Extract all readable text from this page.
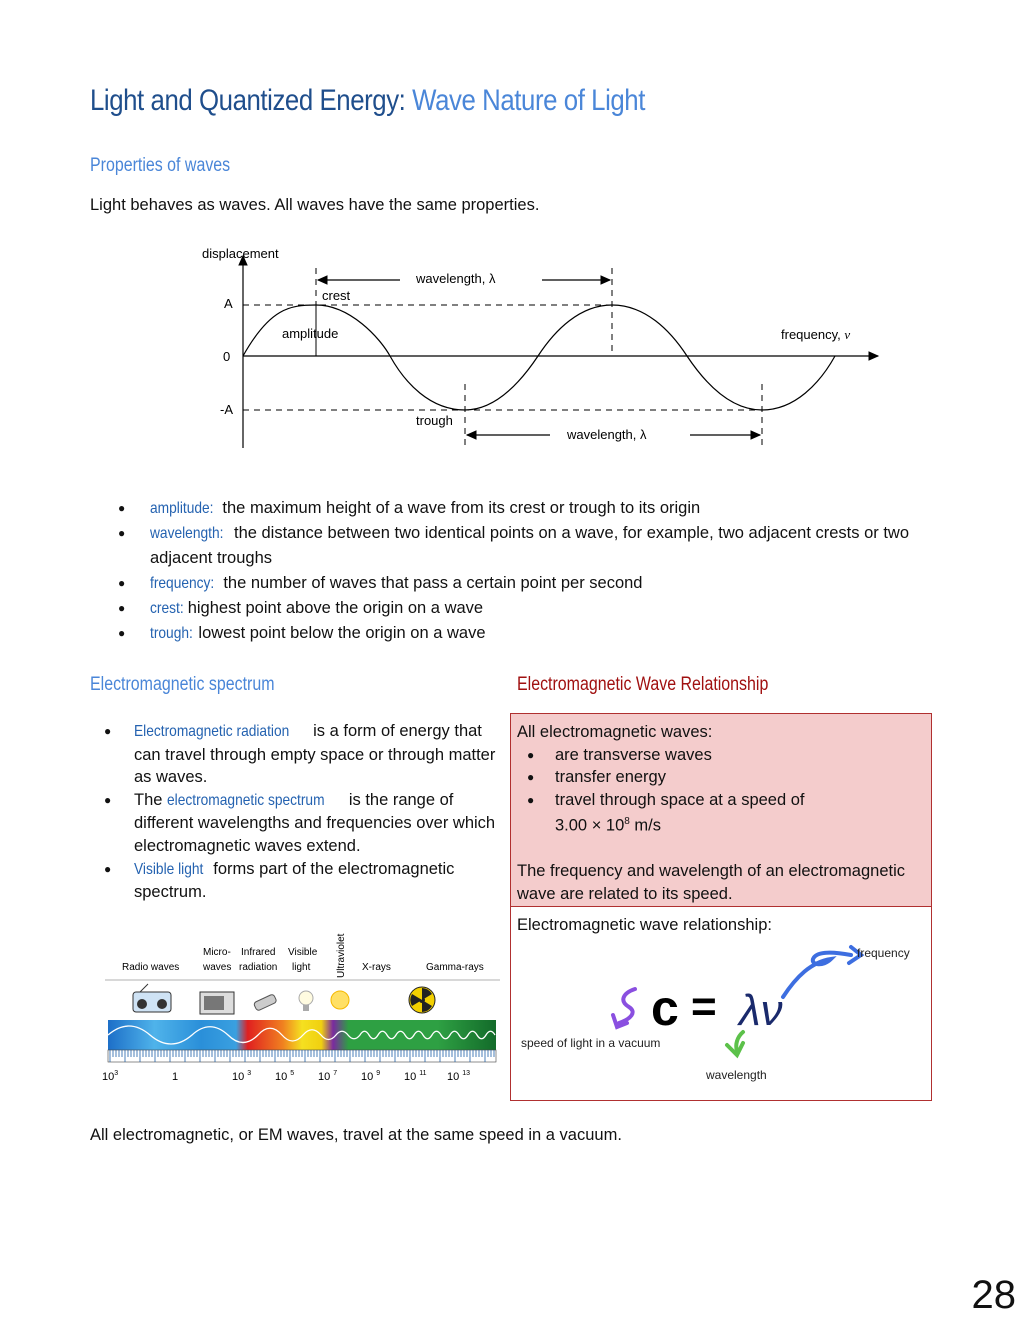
Light and Quantized Energy: Wave Nature of Light
Properties of waves
Light behaves as waves. All waves have the same properties.
displacement
A
0
-A
wavelength, λ
crest
amplitude	frequency, v
trough
wavelength, λ
● amplitude: the maximum height of a wave from its crest or trough to its origin
● wavelength: the distance between two identical points on a wave, for example, two adjacent crests or two adjacent troughs
● frequency: the number of waves that pass a certain point per second
● crest: highest point above the origin on a wave
● trough: lowest point below the origin on a wave
Electromagnetic spectrum
● Electromagnetic radiation is a form of energy that can travel through empty space or through matter as waves.
● The electromagnetic spectrum is the range of different wavelengths and frequencies over which electromagnetic waves extend.
● Visible light forms part of the electromagnetic spectrum.
Radio waves
Micro-
waves
Infrared
radiation
Visible
light	Ultraviolet X-rays	Gamma-rays
$10^3$	1	10 $^3$ 10 $^5$ 10 $^7$ 10 $^9$ 10 $^{11}$ 10 $^{13}$
Electromagnetic Wave Relationship
All electromagnetic waves:
● are transverse waves
● transfer energy
● travel through space at a speed of
$3.00 \times 10^8$ m/s
The frequency and wavelength of an electromagnetic wave are related to its speed.
Electromagnetic wave relationship:
c = λν
frequency
speed of light in a vacuum
wavelength
All electromagnetic, or EM waves, travel at the same speed in a vacuum.
28
